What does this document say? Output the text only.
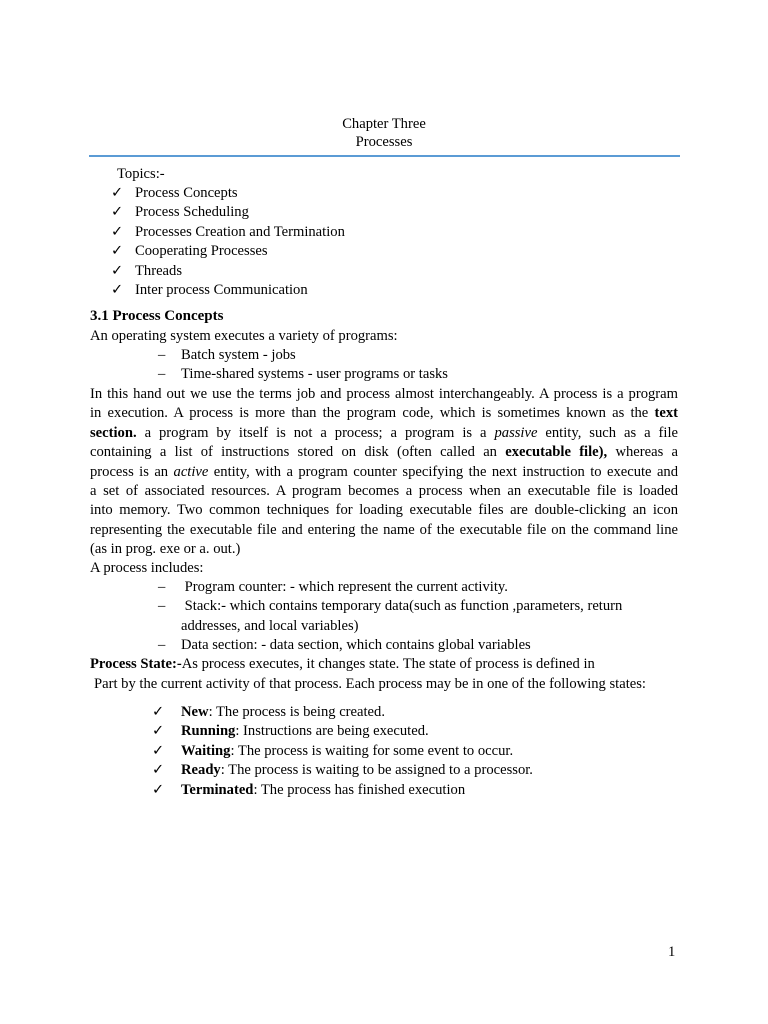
Chapter Three
Processes
Topics:-
✓ Process Concepts
✓ Process Scheduling
✓ Processes Creation and Termination
✓ Cooperating Processes
✓ Threads
✓ Inter process Communication
3.1 Process Concepts
An operating system executes a variety of programs:
– Batch system - jobs
– Time-shared systems - user programs or tasks
In this hand out we use the terms job and process almost interchangeably. A process is a program
in execution. A process is more than the program code, which is sometimes known as the text
section. a program by itself is not a process; a program is a passive entity, such as a file
containing a list of instructions stored on disk (often called an executable file), whereas a
process is an active entity, with a program counter specifying the next instruction to execute and
a set of associated resources. A program becomes a process when an executable file is loaded
into memory. Two common techniques for loading executable files are double-clicking an icon
representing the executable file and entering the name of the executable file on the command line
(as in prog. exe or a. out.)
A process includes:
– Program counter: - which represent the current activity.
– Stack:- which contains temporary data(such as function ,parameters, return
addresses, and local variables)
– Data section: - data section, which contains global variables
Process State:-As process executes, it changes state. The state of process is defined in
Part by the current activity of that process. Each process may be in one of the following states:
✓ New: The process is being created.
✓ Running: Instructions are being executed.
✓ Waiting: The process is waiting for some event to occur.
✓ Ready: The process is waiting to be assigned to a processor.
✓ Terminated: The process has finished execution
1
